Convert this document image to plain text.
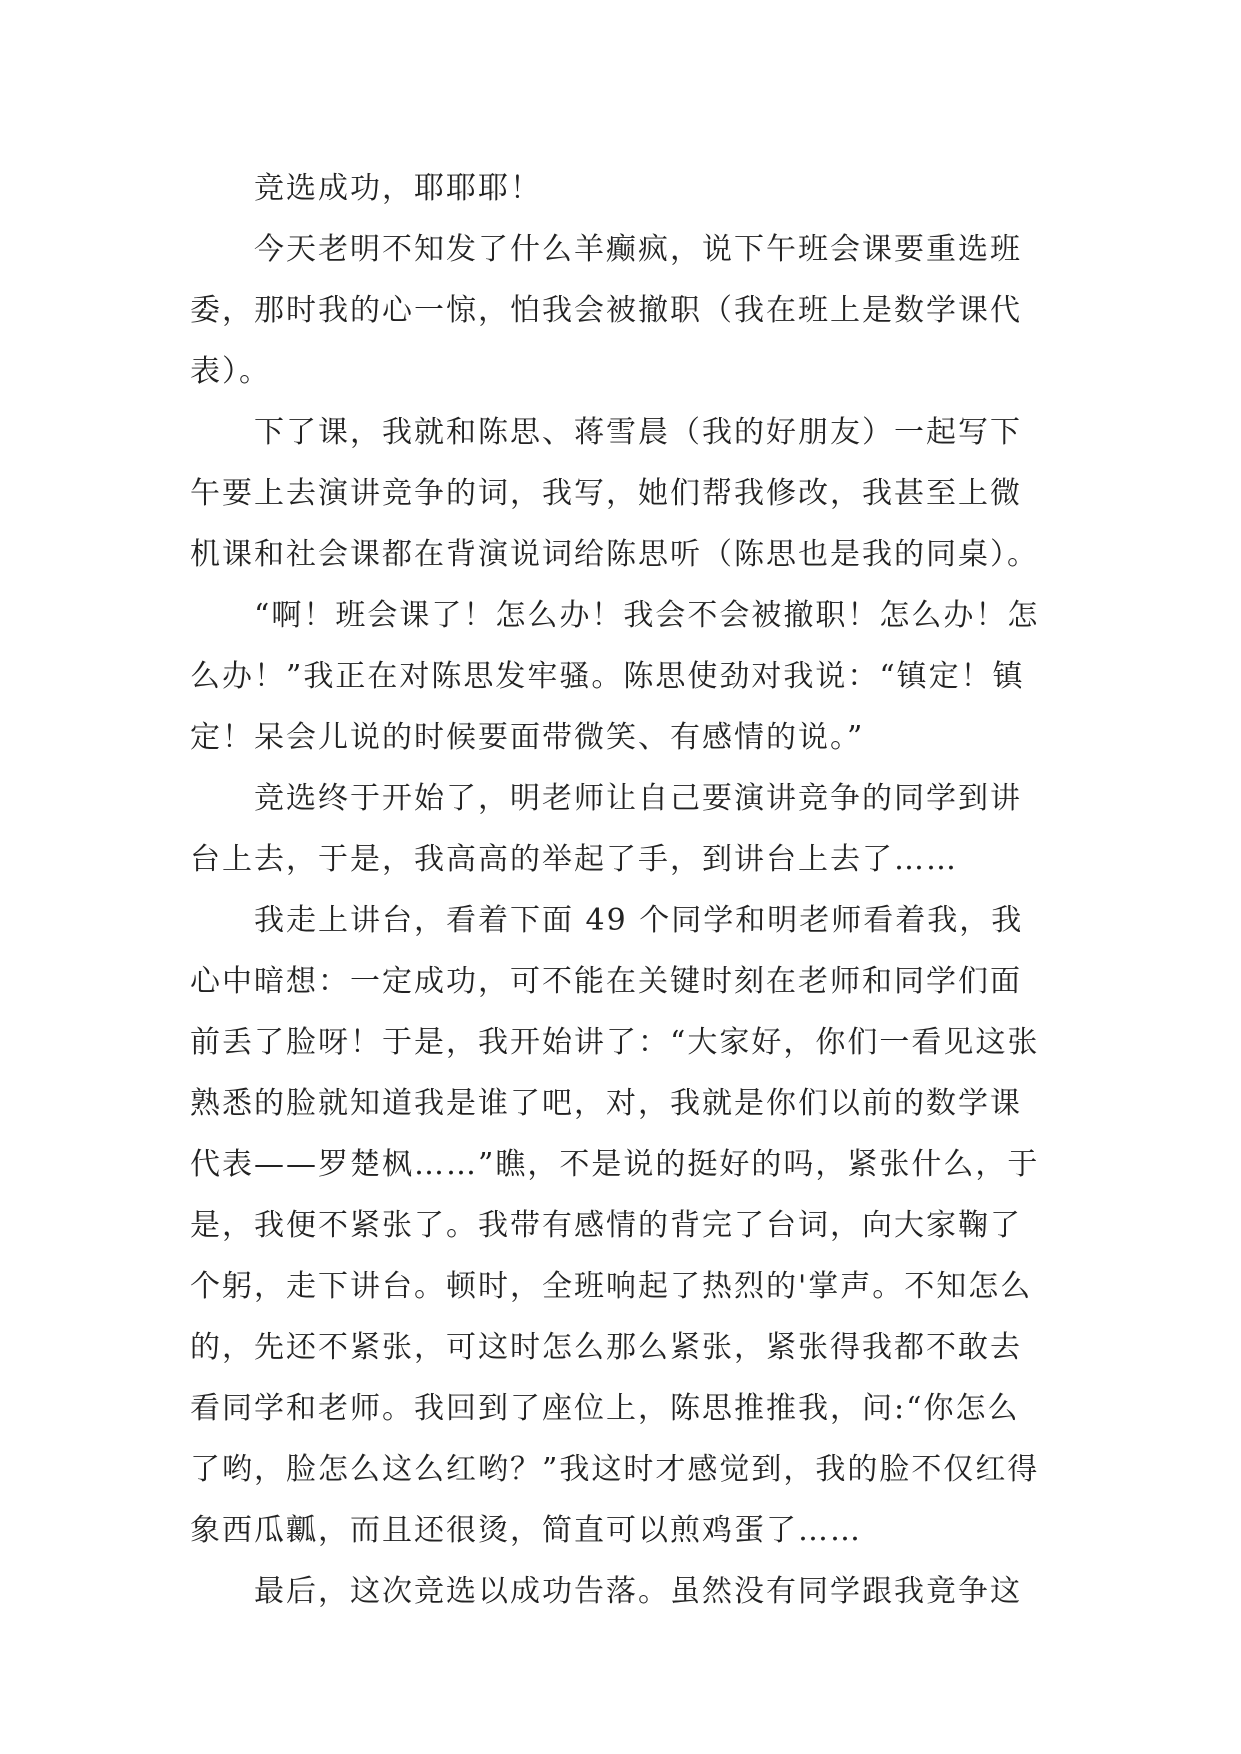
竞选成功，耶耶耶！

今天老明不知发了什么羊癫疯，说下午班会课要重选班委，那时我的心一惊，怕我会被撤职（我在班上是数学课代表）。

下了课，我就和陈思、蒋雪晨（我的好朋友）一起写下午要上去演讲竞争的词，我写，她们帮我修改，我甚至上微机课和社会课都在背演说词给陈思听（陈思也是我的同桌）。

“啊！班会课了！怎么办！我会不会被撤职！怎么办！怎么办！”我正在对陈思发牢骚。陈思使劲对我说：“镇定！镇定！呆会儿说的时候要面带微笑、有感情的说。”

竞选终于开始了，明老师让自己要演讲竞争的同学到讲台上去，于是，我高高的举起了手，到讲台上去了……

我走上讲台，看着下面 49 个同学和明老师看着我，我心中暗想：一定成功，可不能在关键时刻在老师和同学们面前丢了脸呀！于是，我开始讲了：“大家好，你们一看见这张熟悉的脸就知道我是谁了吧，对，我就是你们以前的数学课代表——罗楚枫……”瞧，不是说的挺好的吗，紧张什么，于是，我便不紧张了。我带有感情的背完了台词，向大家鞠了个躬，走下讲台。顿时，全班响起了热烈的'掌声。不知怎么的，先还不紧张，可这时怎么那么紧张，紧张得我都不敢去看同学和老师。我回到了座位上，陈思推推我，问:“你怎么了哟，脸怎么这么红哟？”我这时才感觉到，我的脸不仅红得象西瓜瓤，而且还很烫，简直可以煎鸡蛋了……

最后，这次竞选以成功告落。虽然没有同学跟我竟争这
